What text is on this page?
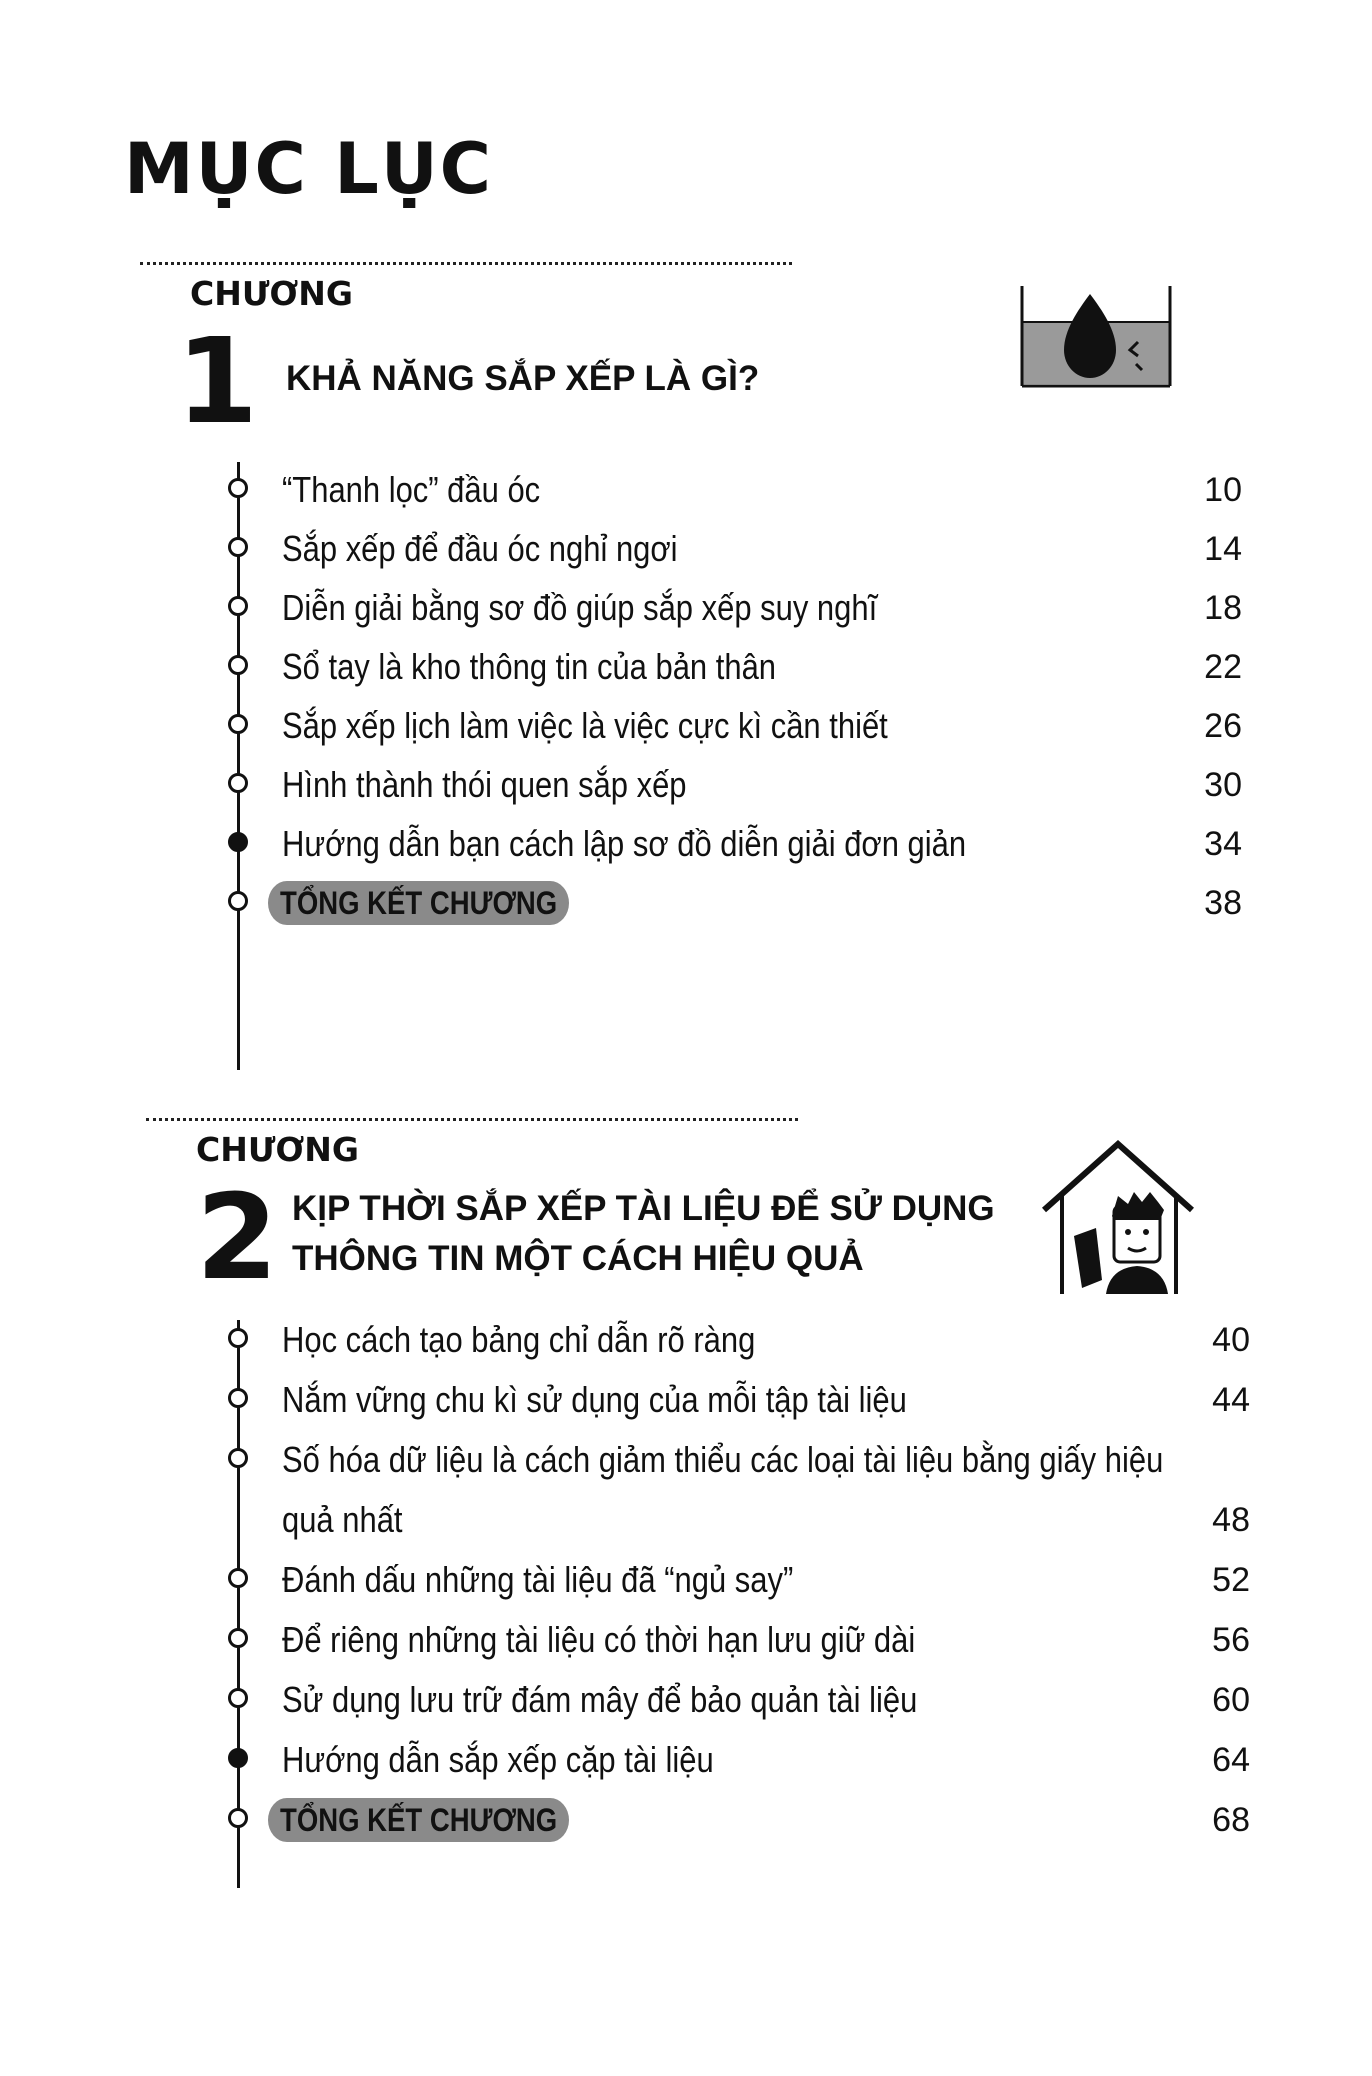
MỤC LỤC
CHƯƠNG
1 KHẢ NĂNG SẮP XẾP LÀ GÌ?
“Thanh lọc” đầu óc	10
Sắp xếp để đầu óc nghỉ ngơi	14
Diễn giải bằng sơ đồ giúp sắp xếp suy nghĩ	18
Sổ tay là kho thông tin của bản thân	22
Sắp xếp lịch làm việc là việc cực kì cần thiết	26
Hình thành thói quen sắp xếp	30
Hướng dẫn bạn cách lập sơ đồ diễn giải đơn giản	34
TỔNG KẾT CHƯƠNG	38
CHƯƠNG
2 KỊP THỜI SẮP XẾP TÀI LIỆU ĐỂ SỬ DỤNG
THÔNG TIN MỘT CÁCH HIỆU QUẢ
Học cách tạo bảng chỉ dẫn rõ ràng	40
Nắm vững chu kì sử dụng của mỗi tập tài liệu	44
Số hóa dữ liệu là cách giảm thiểu các loại tài liệu bằng giấy hiệu
quả nhất	48
Đánh dấu những tài liệu đã “ngủ say”	52
Để riêng những tài liệu có thời hạn lưu giữ dài	56
Sử dụng lưu trữ đám mây để bảo quản tài liệu	60
Hướng dẫn sắp xếp cặp tài liệu	64
TỔNG KẾT CHƯƠNG	68
